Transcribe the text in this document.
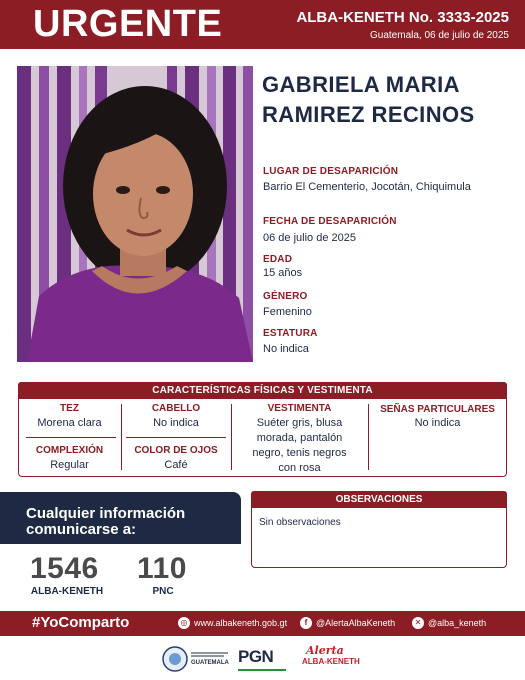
URGENTE	ALBA-KENETH No. 3333-2025
Guatemala, 06 de julio de 2025
GABRIELA MARIA
RAMIREZ RECINOS
LUGAR DE DESAPARICIÓN
Barrio El Cementerio, Jocotán, Chiquimula
FECHA DE DESAPARICIÓN
06 de julio de 2025
EDAD
15 años
GÉNERO
Femenino
ESTATURA
No indica
CARACTERÍSTICAS FÍSICAS Y VESTIMENTA
TEZ
Morena clara
CABELLO
No indica
COMPLEXIÓN
Regular
COLOR DE OJOS
Café
VESTIMENTA
Suéter gris, blusa
morada, pantalón
negro, tenis negros
con rosa
SEÑAS PARTICULARES
No indica
Cualquier información
comunicarse a:
1546
ALBA-KENETH
110
PNC
OBSERVACIONES
Sin observaciones
#YoComparto	◎ www.albakeneth.gob.gt	f @AlertaAlbaKeneth	✕ @alba_keneth
GUATEMALA PGN	Alerta
ALBA-KENETH
